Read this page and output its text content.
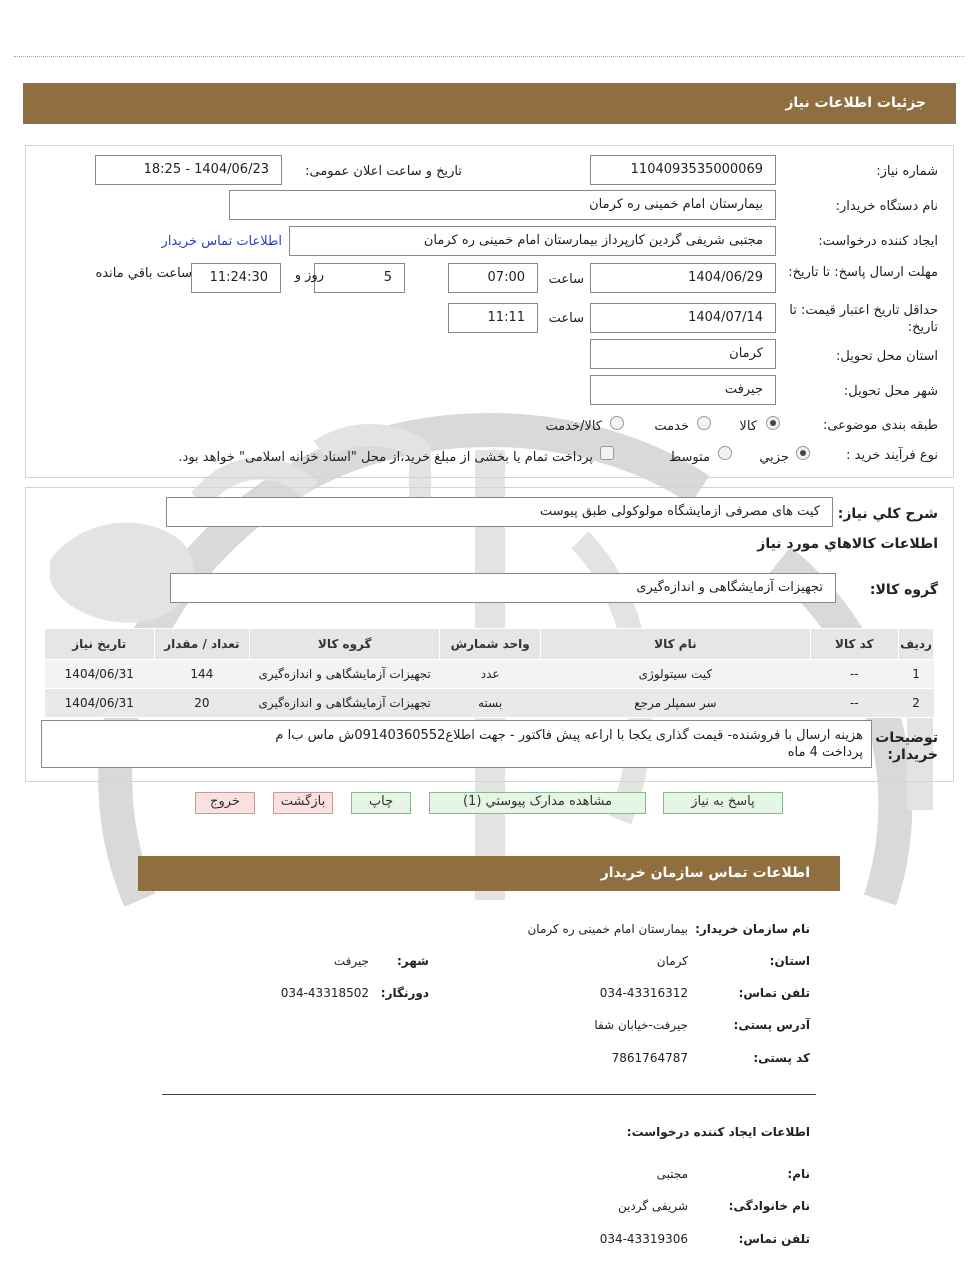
جزئیات اطلاعات نیاز
شماره نیاز:
1104093535000069
تاریخ و ساعت اعلان عمومی:
1404/06/23 - 18:25
نام دستگاه خریدار:
بیمارستان امام خمینی ره کرمان
ایجاد کننده درخواست:
مجتبی شریفی گردین کارپرداز بیمارستان امام خمینی ره کرمان
اطلاعات تماس خریدار
مهلت ارسال پاسخ: تا تاریخ:
1404/06/29
ساعت
07:00
5
روز و
11:24:30
ساعت باقي مانده
حداقل تاریخ اعتبار قیمت: تا تاریخ:
1404/07/14
ساعت
11:11
استان محل تحویل:
کرمان
شهر محل تحویل:
جیرفت
طبقه بندی موضوعی:
کالا
خدمت
کالا/خدمت
نوع فرآیند خرید :
جزيي
متوسط
پرداخت تمام یا بخشی از مبلغ خرید،از محل "اسناد خزانه اسلامی" خواهد بود.
شرح کلي نياز:
کیت های مصرفی ازمایشگاه مولوکولی طبق پیوست
اطلاعات کالاهاي مورد نياز
گروه کالا:
تجهیزات آزمایشگاهی و اندازه‌گیری
رديف	کد کالا	نام کالا	واحد شمارش	گروه کالا	تعداد / مقدار	تاريخ نياز
1	--	کیت سیتولوژی	عدد	تجهیزات آزمایشگاهی و اندازه‌گیری	144	1404/06/31
2	--	سر سمپلر مرجع	بسته	تجهیزات آزمایشگاهی و اندازه‌گیری	20	1404/06/31
توضيحات خريدار:
هزینه ارسال با فروشنده- قیمت گذاری یکجا با اراعه پیش فاکتور - جهت اطلاع09140360552ش ماس ب‌ا م
پرداخت 4 ماه
پاسخ به نياز
مشاهده مدارک پيوستي (1)
چاپ
بازگشت
خروج
اطلاعات تماس سازمان خريدار
نام سازمان خریدار:
بیمارستان امام خمینی ره کرمان
استان:
کرمان
شهر:
جیرفت
تلفن تماس:
034-43316312
دورنگار:
034-43318502
آدرس پستی:
جیرفت-خیابان شفا
کد پستی:
7861764787
اطلاعات ایجاد کننده درخواست:
نام:
مجتبی
نام خانوادگی:
شریفی گردین
تلفن تماس:
034-43319306
